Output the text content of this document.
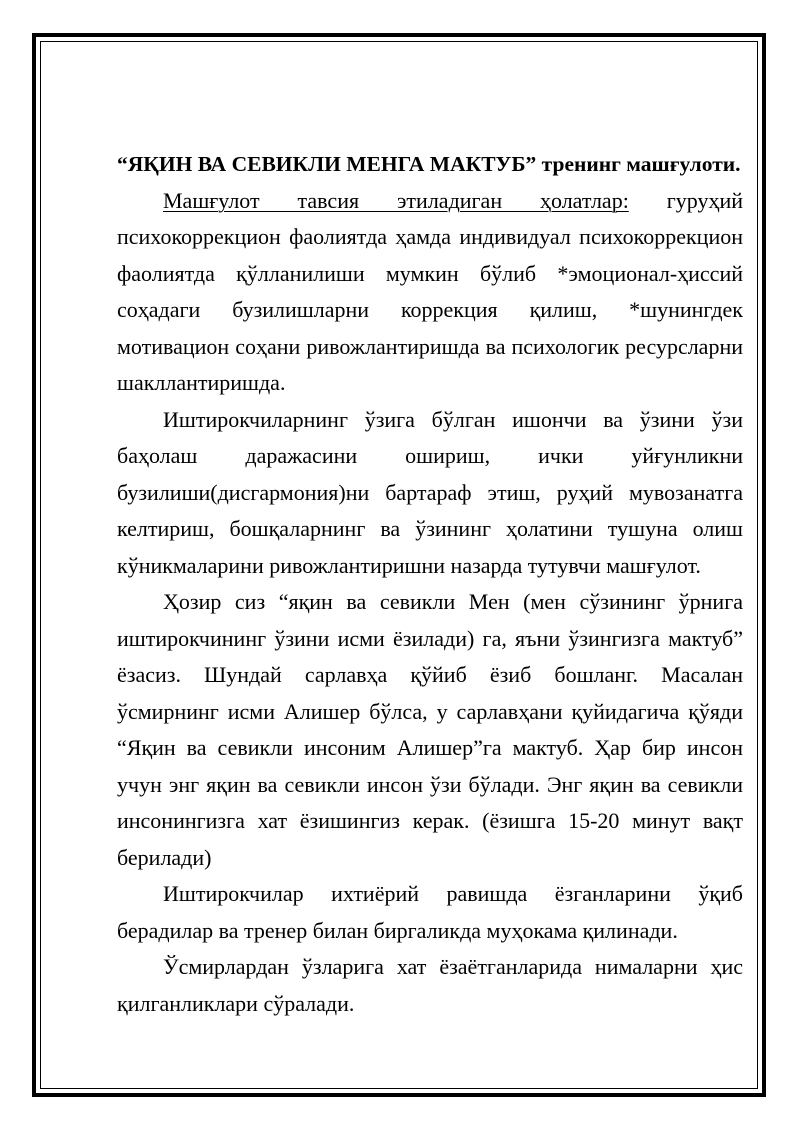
“ЯҚИН ВА СЕВИКЛИ МЕНГА МАКТУБ” тренинг машғулоти.

Машғулот тавсия этиладиган ҳолатлар: гуруҳий психокоррекцион фаолиятда ҳамда индивидуал психокоррекцион фаолиятда қўлланилиши мумкин бўлиб *эмоционал-ҳиссий соҳадаги бузилишларни коррекция қилиш, *шунингдек мотивацион соҳани ривожлантиришда ва психологик ресурсларни шакллантиришда.

Иштирокчиларнинг ўзига бўлган ишончи ва ўзини ўзи баҳолаш даражасини ошириш, ички уйғунликни бузилиши(дисгармония)ни бартараф этиш, руҳий мувозанатга келтириш, бошқаларнинг ва ўзининг ҳолатини тушуна олиш кўникмаларини ривожлантиришни назарда тутувчи машғулот.

Ҳозир сиз “яқин ва севикли Мен (мен сўзининг ўрнига иштирокчининг ўзини исми ёзилади) га, яъни ўзингизга мактуб” ёзасиз. Шундай сарлавҳа қўйиб ёзиб бошланг. Масалан ўсмирнинг исми Алишер бўлса, у сарлавҳани қуйидагича қўяди “Яқин ва севикли инсоним Алишер”га мактуб. Ҳар бир инсон учун энг яқин ва севикли инсон ўзи бўлади. Энг яқин ва севикли инсонингизга хат ёзишингиз керак. (ёзишга 15-20 минут вақт берилади)

Иштирокчилар ихтиёрий равишда ёзганларини ўқиб берадилар ва тренер билан биргаликда муҳокама қилинади.

Ўсмирлардан ўзларига хат ёзаётганларида нималарни ҳис қилганликлари сўралади.
